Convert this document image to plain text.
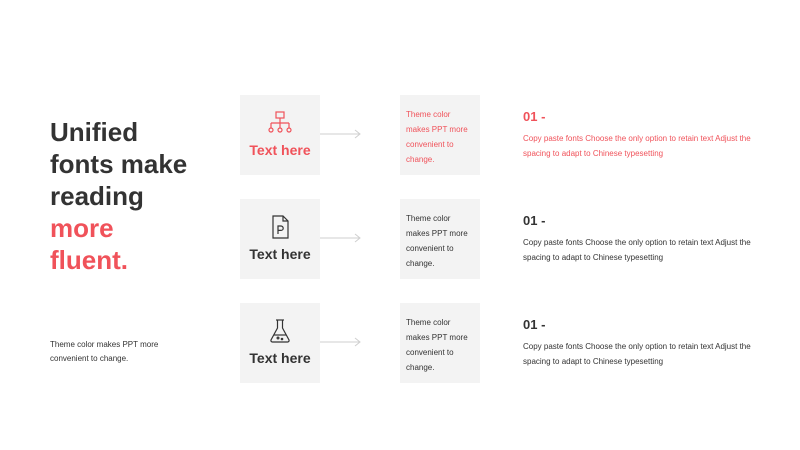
Unified
fonts make
reading
more
fluent.
Theme color makes PPT more convenient to change.
Text here
Theme color makes PPT more convenient to change.
01 -
Copy paste fonts Choose the only option to retain text Adjust the spacing to adapt to Chinese typesetting
Text here
Theme color makes PPT more convenient to change.
01 -
Copy paste fonts Choose the only option to retain text Adjust the spacing to adapt to Chinese typesetting
Text here
Theme color makes PPT more convenient to change.
01 -
Copy paste fonts Choose the only option to retain text Adjust the spacing to adapt to Chinese typesetting
